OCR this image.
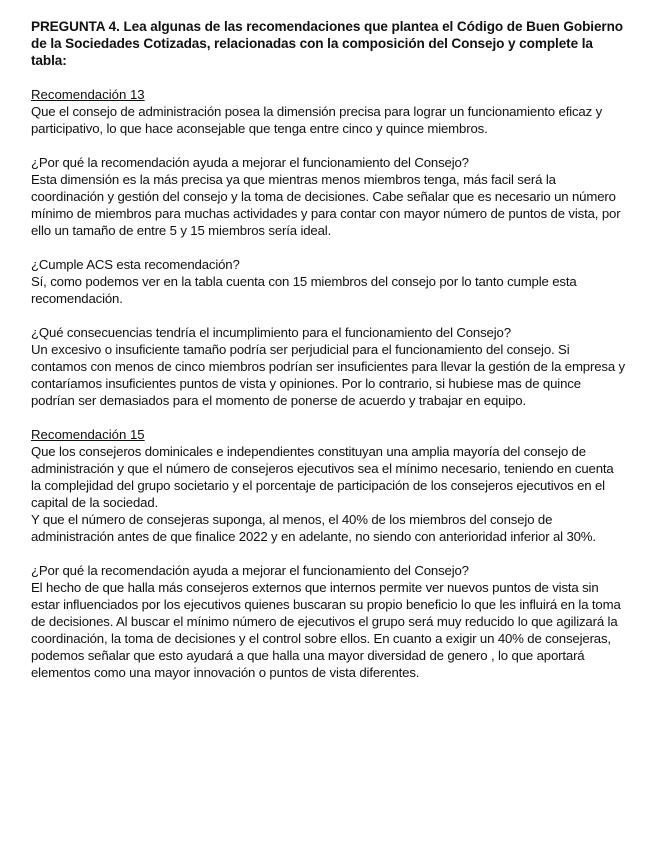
PREGUNTA 4. Lea algunas de las recomendaciones que plantea el Código de Buen Gobierno de la Sociedades Cotizadas, relacionadas con la composición del Consejo y complete la tabla:

Recomendación 13

Que el consejo de administración posea la dimensión precisa para lograr un funcionamiento eficaz y participativo, lo que hace aconsejable que tenga entre cinco y quince miembros.

¿Por qué la recomendación ayuda a mejorar el funcionamiento del Consejo?

Esta dimensión es la más precisa ya que mientras menos miembros tenga, más facil será la coordinación y gestión del consejo y la toma de decisiones. Cabe señalar que es necesario un número mínimo de miembros para muchas actividades y para contar con mayor número de puntos de vista, por ello un tamaño de entre 5 y 15 miembros sería ideal.

¿Cumple ACS esta recomendación?

Sí, como podemos ver en la tabla cuenta con 15 miembros del consejo por lo tanto cumple esta recomendación.

¿Qué consecuencias tendría el incumplimiento para el funcionamiento del Consejo?

Un excesivo o insuficiente tamaño podría ser perjudicial para el funcionamiento del consejo. Si contamos con menos de cinco miembros podrían ser insuficientes para llevar la gestión de la empresa y contaríamos insuficientes puntos de vista y opiniones. Por lo contrario, si hubiese mas de quince podrían ser demasiados para el momento de ponerse de acuerdo y trabajar en equipo.

Recomendación 15

Que los consejeros dominicales e independientes constituyan una amplia mayoría del consejo de administración y que el número de consejeros ejecutivos sea el mínimo necesario, teniendo en cuenta la complejidad del grupo societario y el porcentaje de participación de los consejeros ejecutivos en el capital de la sociedad.

Y que el número de consejeras suponga, al menos, el 40% de los miembros del consejo de administración antes de que finalice 2022 y en adelante, no siendo con anterioridad inferior al 30%.

¿Por qué la recomendación ayuda a mejorar el funcionamiento del Consejo?

El hecho de que halla más consejeros externos que internos permite ver nuevos puntos de vista sin estar influenciados por los ejecutivos quienes buscaran su propio beneficio lo que les influirá en la toma de decisiones. Al buscar el mínimo número de ejecutivos el grupo será muy reducido lo que agilizará la coordinación, la toma de decisiones y el control sobre ellos. En cuanto a exigir un 40% de consejeras, podemos señalar que esto ayudará a que halla una mayor diversidad de genero , lo que aportará elementos como una mayor innovación o puntos de vista diferentes.
